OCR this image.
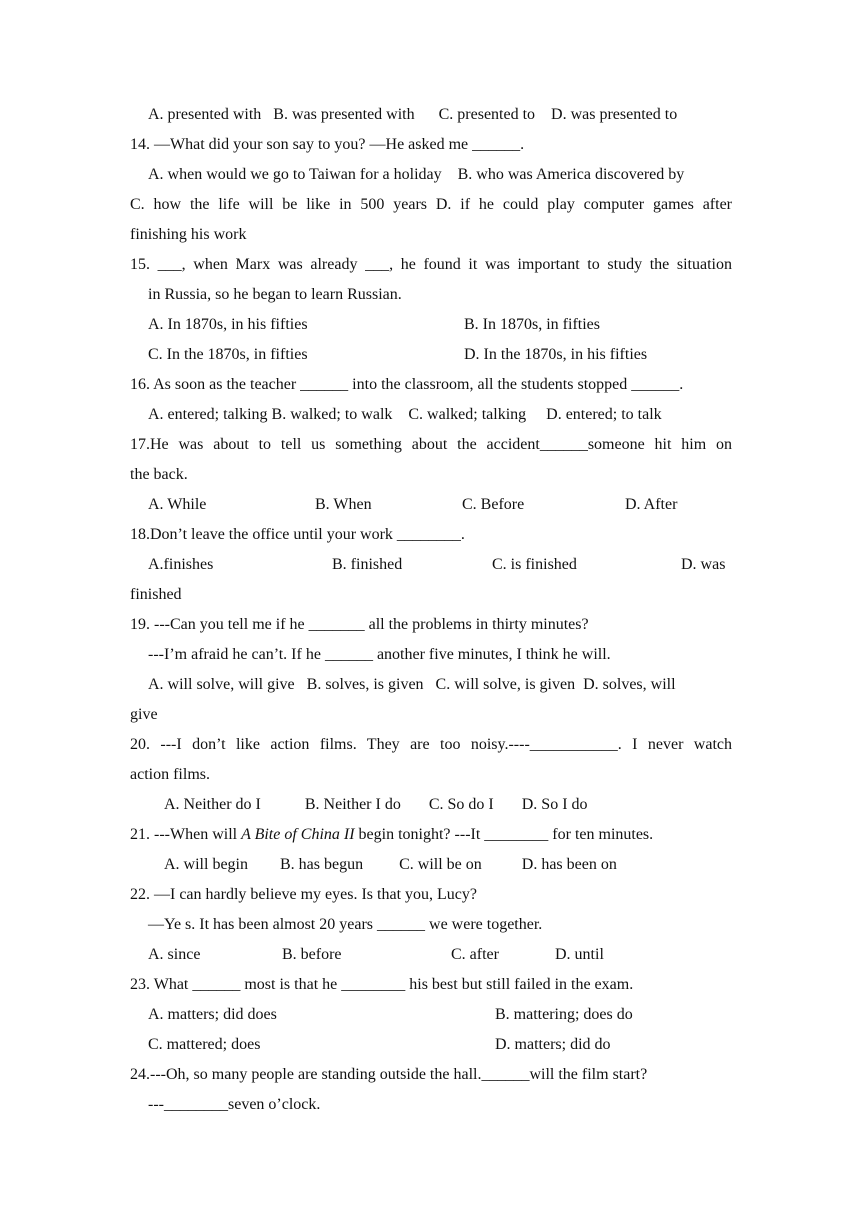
A. presented with   B. was presented with      C. presented to    D. was presented to
14. —What did your son say to you? —He asked me ______.
A. when would we go to Taiwan for a holiday    B. who was America discovered by
C. how the life will be like in 500 years D. if he could play computer games after
finishing his work
15. ___, when Marx was already ___, he found it was important to study the situation
in Russia, so he began to learn Russian.
A. In 1870s, in his fifties	B. In 1870s, in fifties
C. In the 1870s, in fifties	D. In the 1870s, in his fifties
16. As soon as the teacher ______ into the classroom, all the students stopped ______.
A. entered; talking B. walked; to walk    C. walked; talking     D. entered; to talk
17.He was about to tell us something about the accident______someone hit him on
the back.
A. While	B. When	C. Before	D. After
18.Don’t leave the office until your work ________.
A.finishes	B. finished	C. is finished	D. was
finished
19. ---Can you tell me if he _______ all the problems in thirty minutes?
---I’m afraid he can’t. If he ______ another five minutes, I think he will.
A. will solve, will give   B. solves, is given   C. will solve, is given  D. solves, will
give
20. ---I don’t like action films. They are too noisy.----___________. I never watch
action films.
A. Neither do I           B. Neither I do       C. So do I       D. So I do
21. ---When will A Bite of China II begin tonight? ---It ________ for ten minutes.
A. will begin        B. has begun         C. will be on          D. has been on
22. —I can hardly believe my eyes. Is that you, Lucy?
—Ye s. It has been almost 20 years ______ we were together.
A. since	B. before	C. after	D. until
23. What ______ most is that he ________ his best but still failed in the exam.
A. matters; did does	B. mattering; does do
C. mattered; does	D. matters; did do
24.---Oh, so many people are standing outside the hall.______will the film start?
---________seven o’clock.
